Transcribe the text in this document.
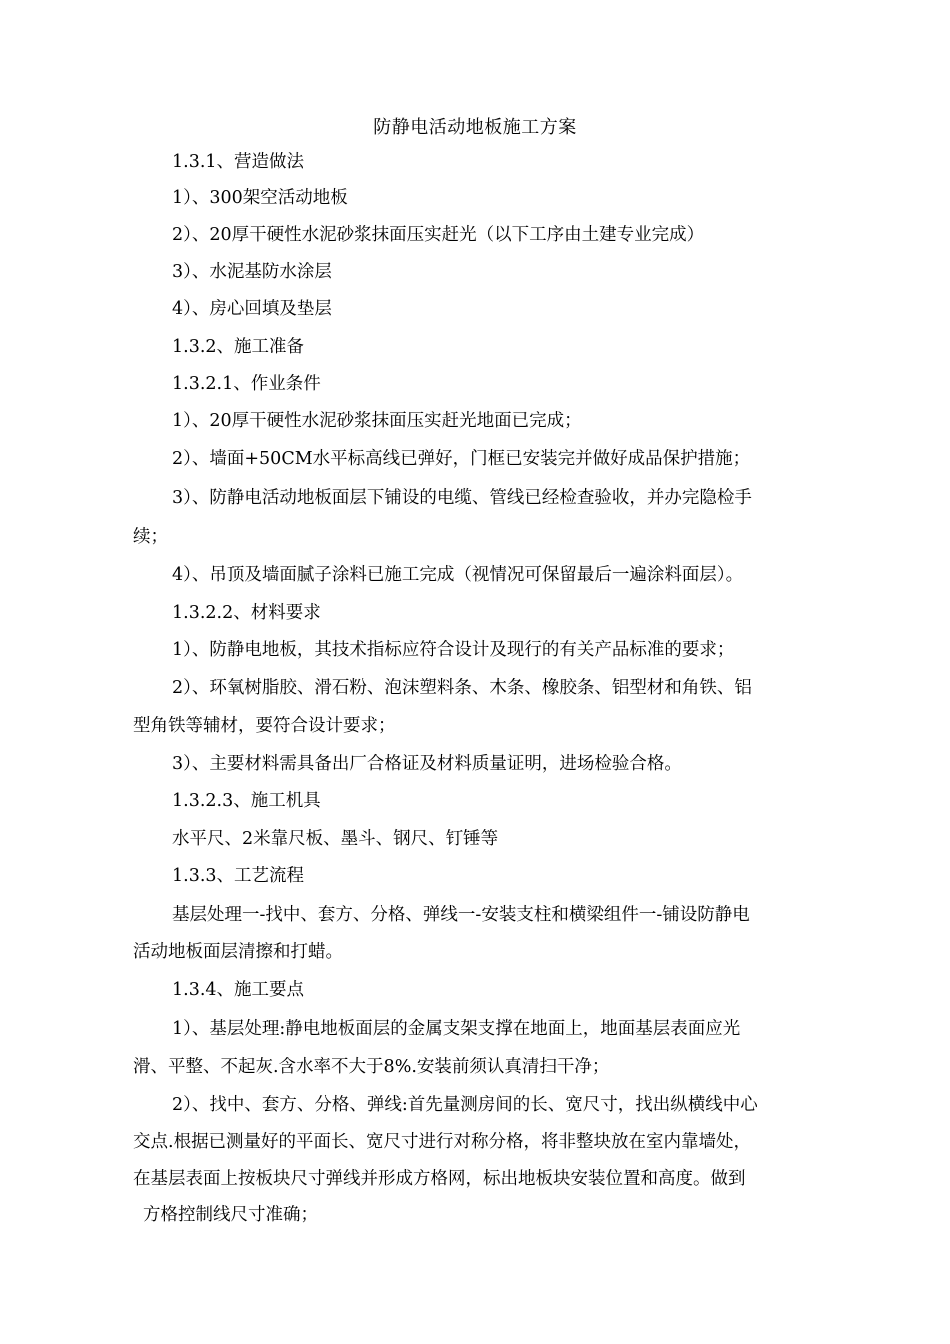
防静电活动地板施工方案
1.3.1、营造做法
1）、300架空活动地板
2）、20厚干硬性水泥砂浆抹面压实赶光（以下工序由土建专业完成）
3）、水泥基防水涂层
4）、房心回填及垫层
1.3.2、施工准备
1.3.2.1、作业条件
1）、20厚干硬性水泥砂浆抹面压实赶光地面已完成；
2）、墙面+50CM水平标高线已弹好，门框已安装完并做好成品保护措施；
3）、防静电活动地板面层下铺设的电缆、管线已经检查验收，并办完隐检手
续；
4）、吊顶及墙面腻子涂料已施工完成（视情况可保留最后一遍涂料面层）。
1.3.2.2、材料要求
1）、防静电地板，其技术指标应符合设计及现行的有关产品标准的要求；
2）、环氧树脂胶、滑石粉、泡沫塑料条、木条、橡胶条、铝型材和角铁、铝
型角铁等辅材，要符合设计要求；
3）、主要材料需具备出厂合格证及材料质量证明，进场检验合格。
1.3.2.3、施工机具
水平尺、2米靠尺板、墨斗、钢尺、钉锤等
1.3.3、工艺流程
基层处理一-找中、套方、分格、弹线一-安装支柱和横梁组件一-铺设防静电
活动地板面层清擦和打蜡。
1.3.4、施工要点
1）、基层处理:静电地板面层的金属支架支撑在地面上，地面基层表面应光
滑、平整、不起灰.含水率不大于8%.安装前须认真清扫干净；
2）、找中、套方、分格、弹线:首先量测房间的长、宽尺寸，找出纵横线中心
交点.根据已测量好的平面长、宽尺寸进行对称分格，将非整块放在室内靠墙处，
在基层表面上按板块尺寸弹线并形成方格网，标出地板块安装位置和高度。做到
方格控制线尺寸准确；
